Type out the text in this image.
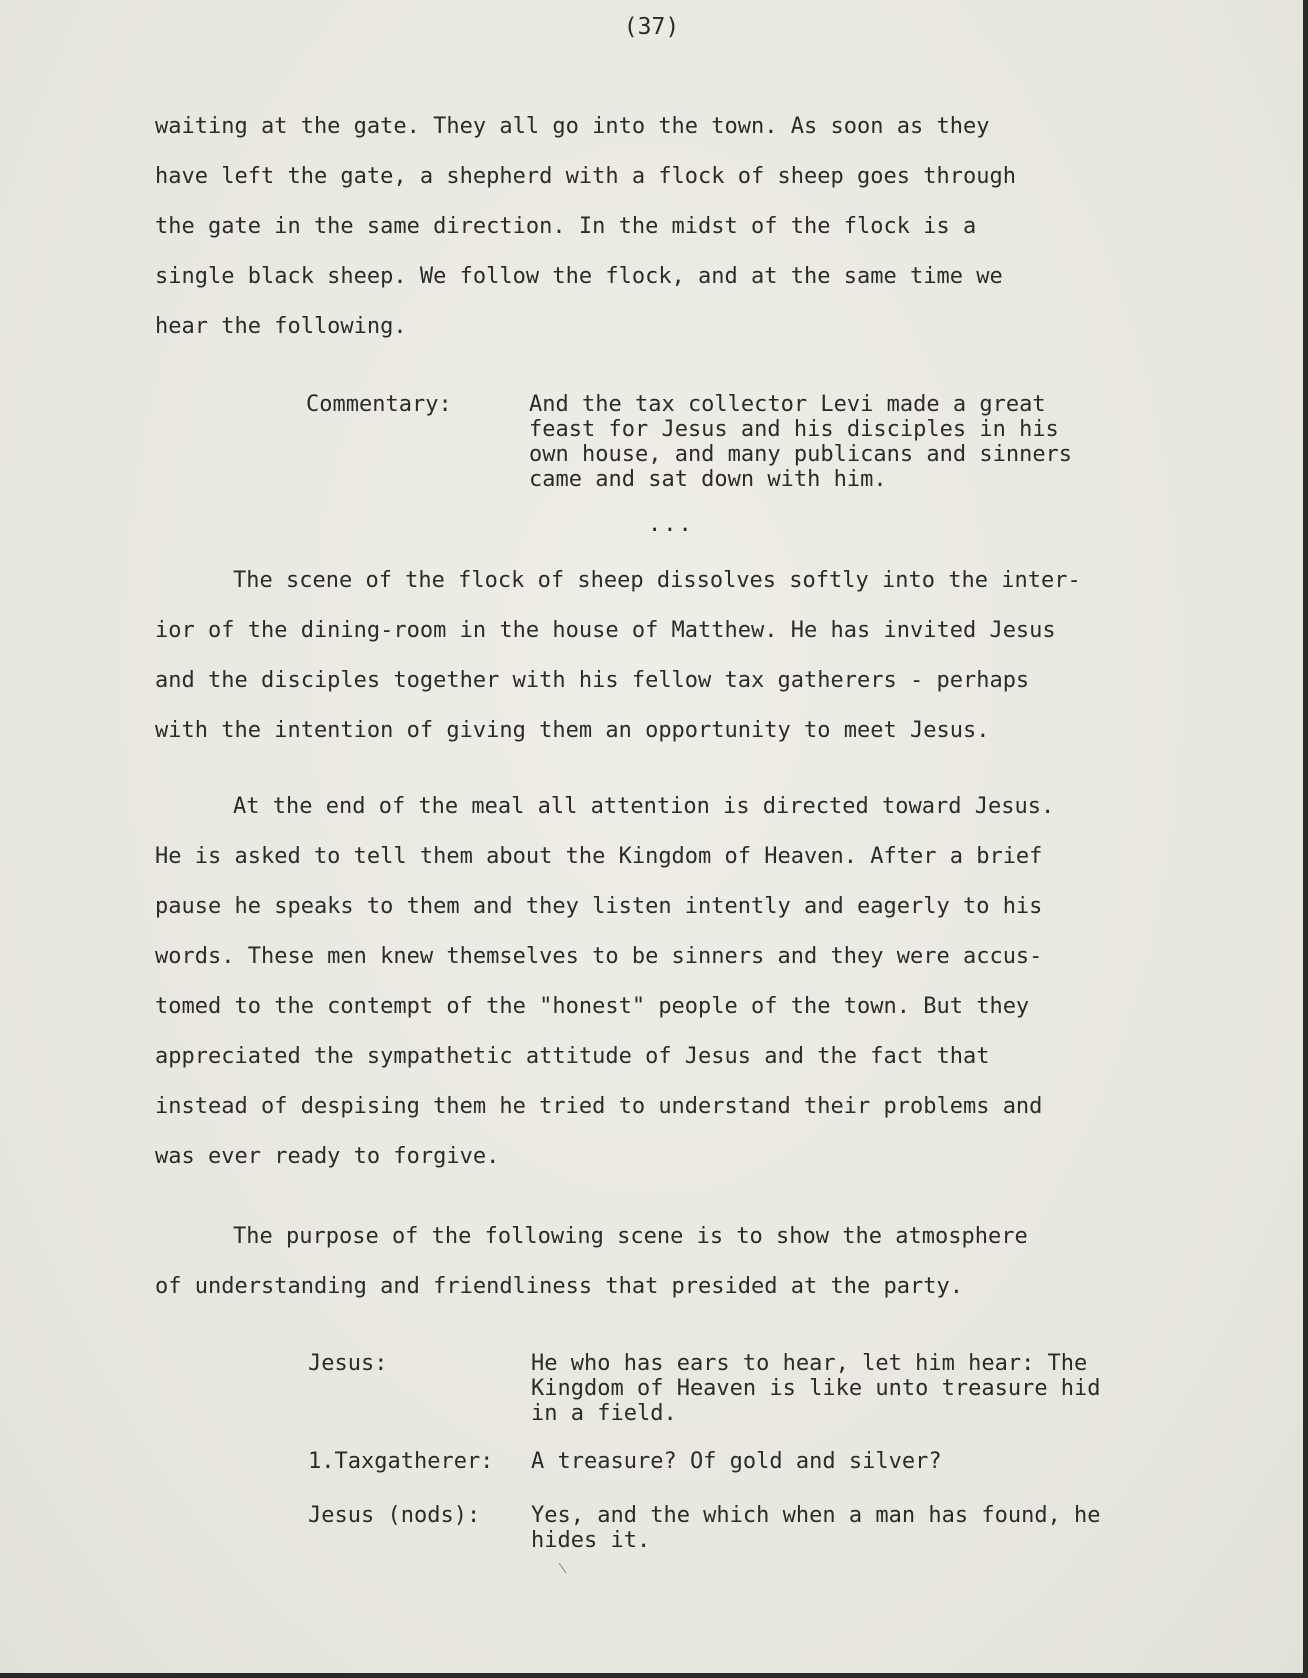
(37)
waiting at the gate. They all go into the town. As soon as they
have left the gate, a shepherd with a flock of sheep goes through
the gate in the same direction. In the midst of the flock is a
single black sheep. We follow the flock, and at the same time we
hear the following.
Commentary:	And the tax collector Levi made a great
feast for Jesus and his disciples in his
own house, and many publicans and sinners
came and sat down with him.
...
The scene of the flock of sheep dissolves softly into the inter-
ior of the dining-room in the house of Matthew. He has invited Jesus
and the disciples together with his fellow tax gatherers - perhaps
with the intention of giving them an opportunity to meet Jesus.
At the end of the meal all attention is directed toward Jesus.
He is asked to tell them about the Kingdom of Heaven. After a brief
pause he speaks to them and they listen intently and eagerly to his
words. These men knew themselves to be sinners and they were accus-
tomed to the contempt of the "honest" people of the town. But they
appreciated the sympathetic attitude of Jesus and the fact that
instead of despising them he tried to understand their problems and
was ever ready to forgive.
The purpose of the following scene is to show the atmosphere
of understanding and friendliness that presided at the party.
Jesus:	He who has ears to hear, let him hear: The
Kingdom of Heaven is like unto treasure hid
in a field.
1.Taxgatherer: A treasure? Of gold and silver?
Jesus (nods): Yes, and the which when a man has found, he
hides it.
